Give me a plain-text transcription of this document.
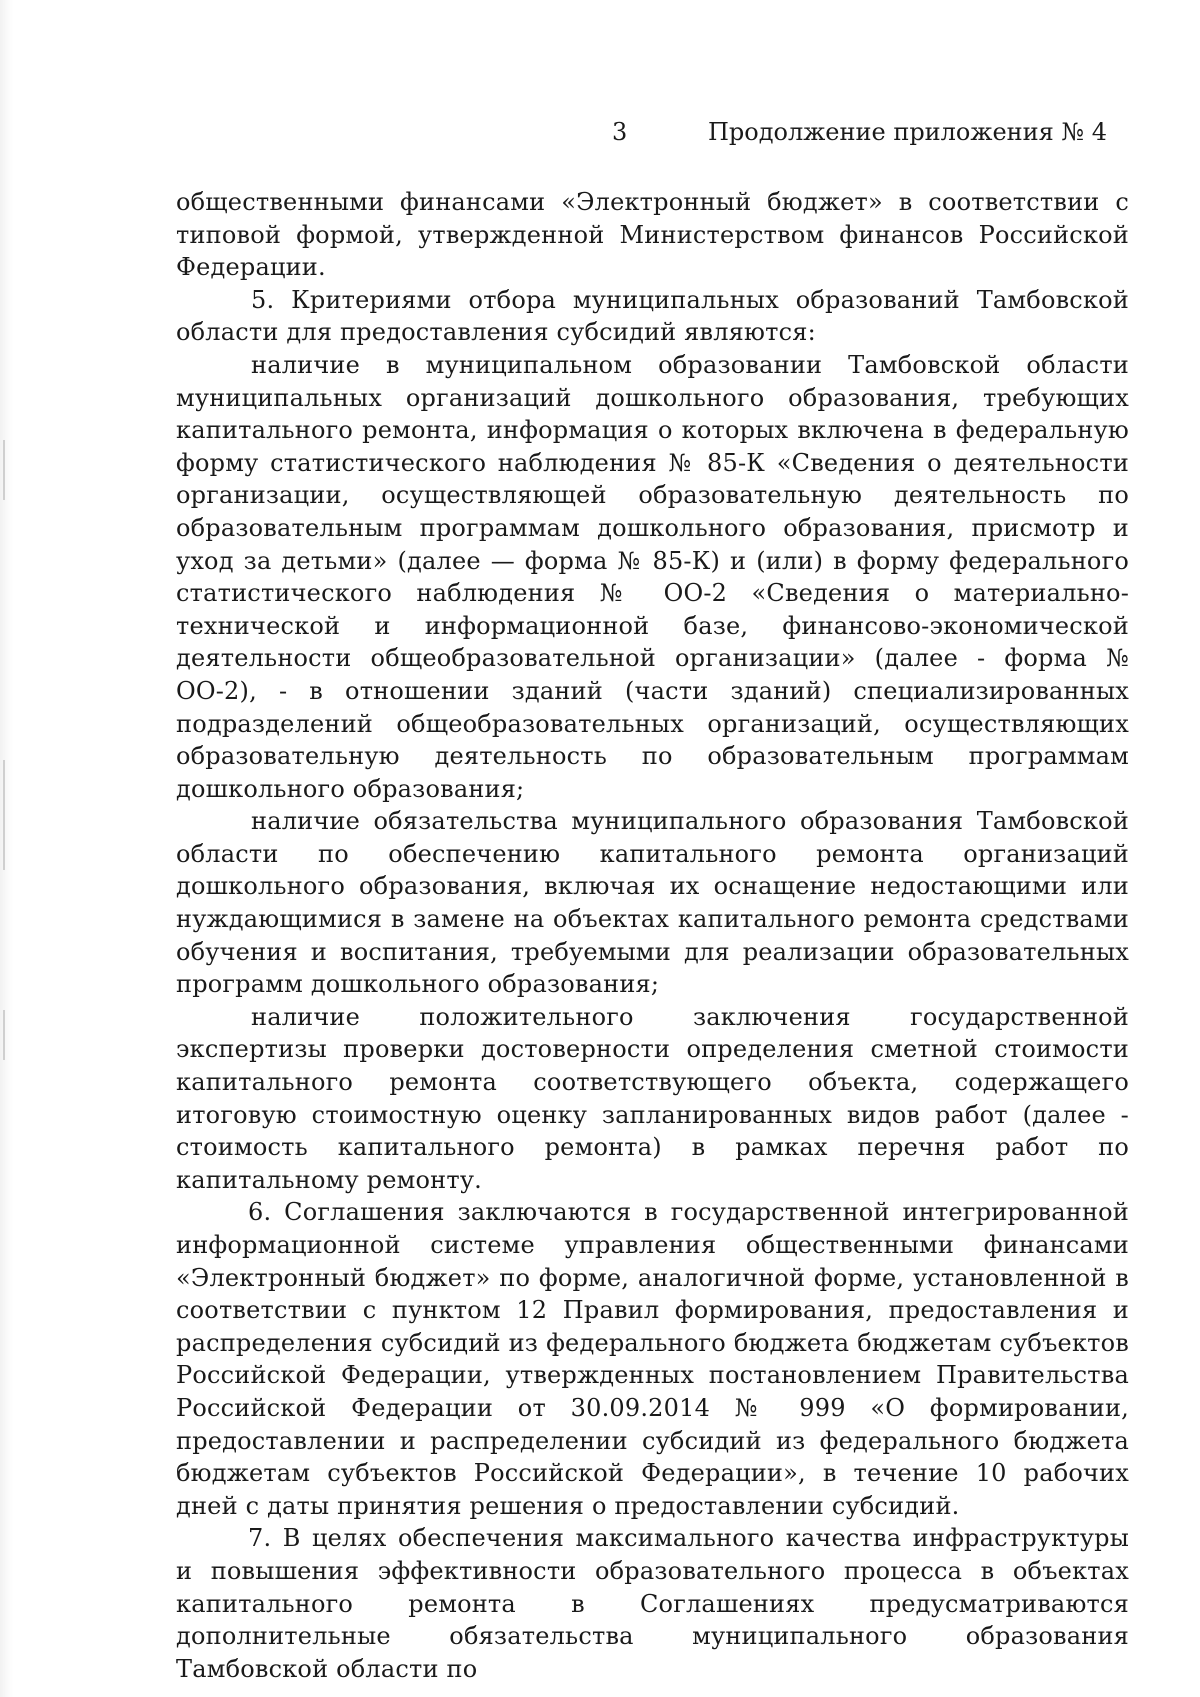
3	Продолжение приложения № 4

общественными финансами «Электронный бюджет» в соответствии с типовой формой, утвержденной Министерством финансов Российской Федерации.

5. Критериями отбора муниципальных образований Тамбовской области для предоставления субсидий являются:

наличие в муниципальном образовании Тамбовской области муниципальных организаций дошкольного образования, требующих капитального ремонта, информация о которых включена в федеральную форму статистического наблюдения № 85-К «Сведения о деятельности организации, осуществляющей образовательную деятельность по образовательным программам дошкольного образования, присмотр и уход за детьми» (далее — форма № 85-К) и (или) в форму федерального статистического наблюдения № ОО-2 «Сведения о материально-технической и информационной базе, финансово-экономической деятельности общеобразовательной организации» (далее - форма № ОО-2), - в отношении зданий (части зданий) специализированных подразделений общеобразовательных организаций, осуществляющих образовательную деятельность по образовательным программам дошкольного образования;

наличие обязательства муниципального образования Тамбовской области по обеспечению капитального ремонта организаций дошкольного образования, включая их оснащение недостающими или нуждающимися в замене на объектах капитального ремонта средствами обучения и воспитания, требуемыми для реализации образовательных программ дошкольного образования;

наличие положительного заключения государственной экспертизы проверки достоверности определения сметной стоимости капитального ремонта соответствующего объекта, содержащего итоговую стоимостную оценку запланированных видов работ (далее - стоимость капитального ремонта) в рамках перечня работ по капитальному ремонту.

6. Соглашения заключаются в государственной интегрированной информационной системе управления общественными финансами «Электронный бюджет» по форме, аналогичной форме, установленной в соответствии с пунктом 12 Правил формирования, предоставления и распределения субсидий из федерального бюджета бюджетам субъектов Российской Федерации, утвержденных постановлением Правительства Российской Федерации от 30.09.2014 № 999 «О формировании, предоставлении и распределении субсидий из федерального бюджета бюджетам субъектов Российской Федерации», в течение 10 рабочих дней с даты принятия решения о предоставлении субсидий.

7. В целях обеспечения максимального качества инфраструктуры и повышения эффективности образовательного процесса в объектах капитального ремонта в Соглашениях предусматриваются дополнительные обязательства муниципального образования Тамбовской области по
